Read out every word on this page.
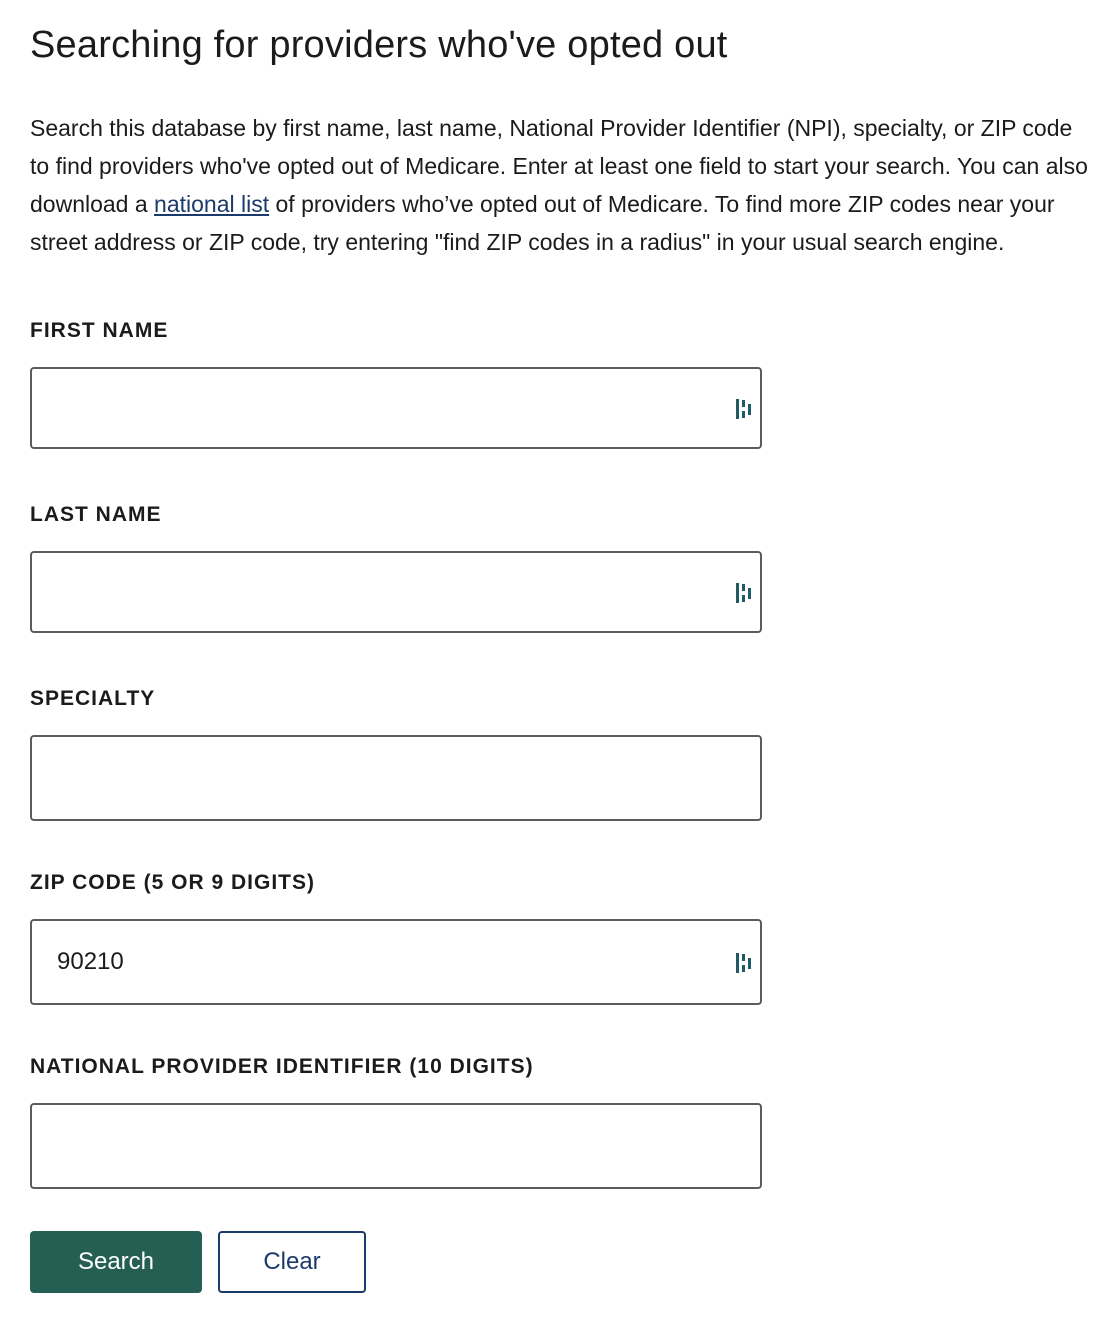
Searching for providers who've opted out

Search this database by first name, last name, National Provider Identifier (NPI), specialty, or ZIP code to find providers who've opted out of Medicare. Enter at least one field to start your search. You can also download a national list of providers who’ve opted out of Medicare. To find more ZIP codes near your street address or ZIP code, try entering "find ZIP codes in a radius" in your usual search engine.

FIRST NAME
LAST NAME
SPECIALTY
ZIP CODE (5 OR 9 DIGITS)
90210
NATIONAL PROVIDER IDENTIFIER (10 DIGITS)
Search	Clear
